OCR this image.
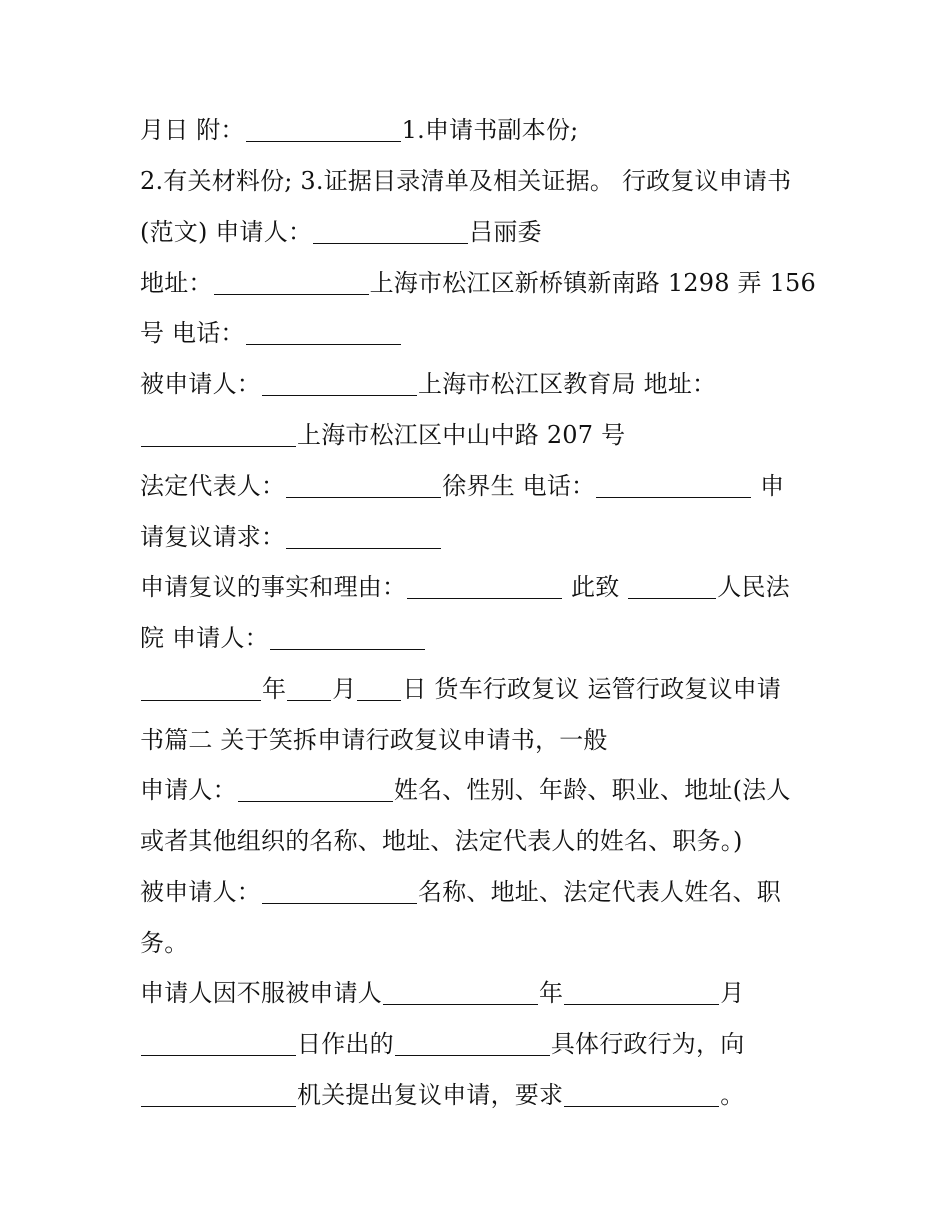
月日 附：	1.申请书副本份;
2.有关材料份; 3.证据目录清单及相关证据。 行政复议申请书
(范文) 申请人：	吕丽委
地址：	上海市松江区新桥镇新南路 1298 弄 156
号 电话：
被申请人：	上海市松江区教育局 地址：
上海市松江区中山中路 207 号
法定代表人：	徐界生 电话：	申
请复议请求：
申请复议的事实和理由：	此致	人民法
院 申请人：
年 月 日 货车行政复议 运管行政复议申请
书篇二 关于笑拆申请行政复议申请书，一般
申请人：	姓名、性别、年龄、职业、地址(法人
或者其他组织的名称、地址、法定代表人的姓名、职务。)
被申请人：	名称、地址、法定代表人姓名、职
务。
申请人因不服被申请人	年	月
日作出的	具体行政行为，向
机关提出复议申请，要求	。
